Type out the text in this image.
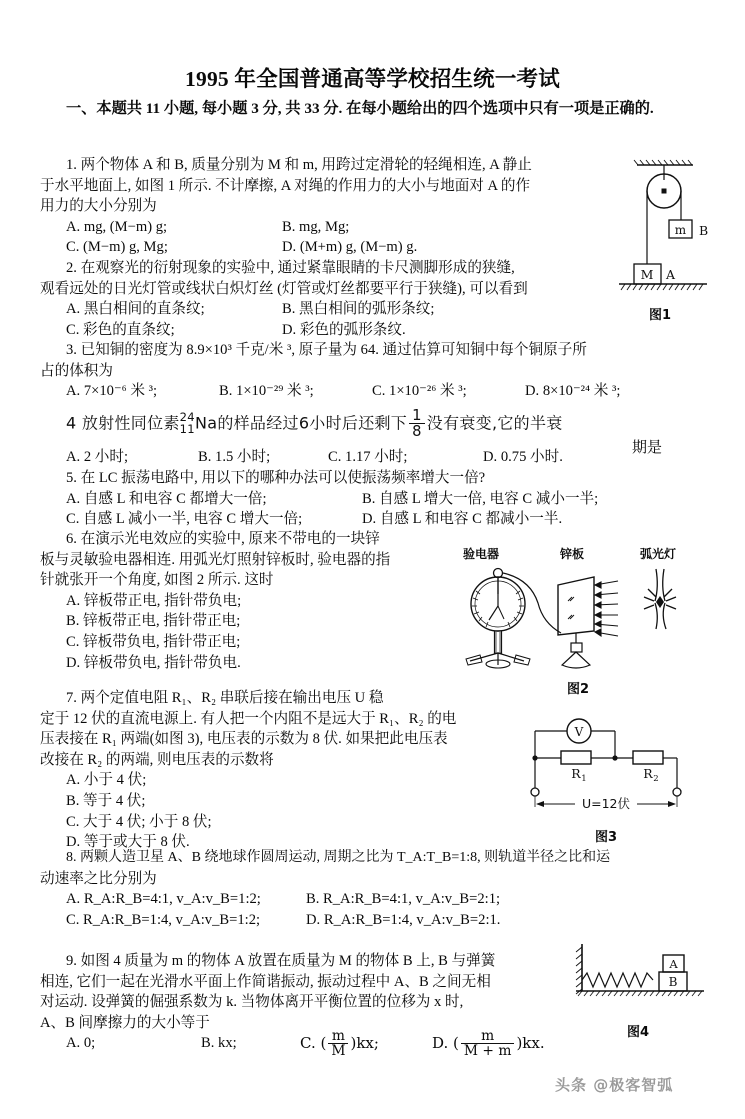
1995 年全国普通高等学校招生统一考试
一、本题共 11 小题, 每小题 3 分, 共 33 分. 在每小题给出的四个选项中只有一项是正确的.
1. 两个物体 A 和 B, 质量分别为 M 和 m, 用跨过定滑轮的轻绳相连, A 静止
于水平地面上, 如图 1 所示. 不计摩擦, A 对绳的作用力的大小与地面对 A 的作
用力的大小分别为
A. mg, (M−m) g;	B. mg, Mg;
C. (M−m) g, Mg;	D. (M+m) g, (M−m) g.
2. 在观察光的衍射现象的实验中, 通过紧靠眼睛的卡尺测脚形成的狭缝,
观看远处的日光灯管或线状白炽灯丝 (灯管或灯丝都要平行于狭缝), 可以看到
A. 黑白相间的直条纹;	B. 黑白相间的弧形条纹;
C. 彩色的直条纹;	D. 彩色的弧形条纹.
3. 已知铜的密度为 8.9×10³ 千克/米 ³, 原子量为 64. 通过估算可知铜中每个铜原子所
占的体积为
A. 7×10⁻⁶ 米 ³;	B. 1×10⁻²⁹ 米 ³;	C. 1×10⁻²⁶ 米 ³;	D. 8×10⁻²⁴ 米 ³;
4 放射性同位素 24
11 Na的样品经过6小时后还剩下 $\frac{1}{8}$ 没有衰变,它的半衰
期是
A. 2 小时;	B. 1.5 小时;	C. 1.17 小时;	D. 0.75 小时.
5. 在 LC 振荡电路中, 用以下的哪种办法可以使振荡频率增大一倍?
A. 自感 L 和电容 C 都增大一倍;	B. 自感 L 增大一倍, 电容 C 减小一半;
C. 自感 L 减小一半, 电容 C 增大一倍;	D. 自感 L 和电容 C 都减小一半.
6. 在演示光电效应的实验中, 原来不带电的一块锌
板与灵敏验电器相连. 用弧光灯照射锌板时, 验电器的指
针就张开一个角度, 如图 2 所示. 这时
A. 锌板带正电, 指针带负电;
B. 锌板带正电, 指针带正电;
C. 锌板带负电, 指针带正电;
D. 锌板带负电, 指针带负电.
7. 两个定值电阻 R₁、R₂ 串联后接在输出电压 U 稳
定于 12 伏的直流电源上. 有人把一个内阻不是远大于 R₁、R₂ 的电
压表接在 R₁ 两端(如图 3), 电压表的示数为 8 伏. 如果把此电压表
改接在 R₂ 的两端, 则电压表的示数将
A. 小于 4 伏;
B. 等于 4 伏;
C. 大于 4 伏; 小于 8 伏;
D. 等于或大于 8 伏.
8. 两颗人造卫星 A、B 绕地球作圆周运动, 周期之比为 T_A:T_B=1:8, 则轨道半径之比和运
动速率之比分别为
A. R_A:R_B=4:1, v_A:v_B=1:2;	B. R_A:R_B=4:1, v_A:v_B=2:1;
C. R_A:R_B=1:4, v_A:v_B=1:2;	D. R_A:R_B=1:4, v_A:v_B=2:1.
9. 如图 4 质量为 m 的物体 A 放置在质量为 M 的物体 B 上, B 与弹簧
相连, 它们一起在光滑水平面上作简谐振动, 振动过程中 A、B 之间无相
对运动. 设弹簧的倔强系数为 k. 当物体离开平衡位置的位移为 x 时,
A、B 间摩擦力的大小等于
A. 0;	B. kx;	C. ( $\frac{m}{M} )kx$;	D. ( $\frac{m}{M + m} )kx$.
m B
M A
图1
验电器	锌板	弧光灯
图2
V
R 1	R 2
U=12伏
图3
B
A
图4
头条 @极客智弧
